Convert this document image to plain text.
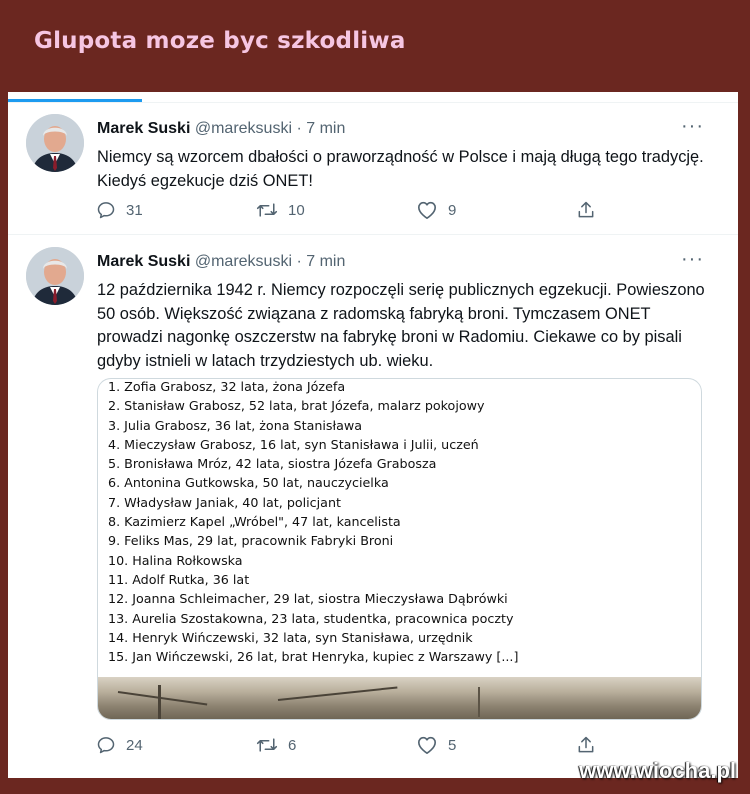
Glupota moze byc szkodliwa
Marek Suski @mareksuski · 7 min	···
Niemcy są wzorcem dbałości o praworządność w Polsce i mają długą tego tradycję. Kiedyś egzekucje dziś ONET!
31	10	9
Marek Suski @mareksuski · 7 min	···
12 października 1942 r. Niemcy rozpoczęli serię publicznych egzekucji. Powieszono 50 osób. Większość związana z radomską fabryką broni. Tymczasem ONET prowadzi nagonkę oszczerstw na fabrykę broni w Radomiu. Ciekawe co by pisali gdyby istnieli w latach trzydziestych ub. wieku.
1. Zofia Grabosz, 32 lata, żona Józefa
2. Stanisław Grabosz, 52 lata, brat Józefa, malarz pokojowy
3. Julia Grabosz, 36 lat, żona Stanisława
4. Mieczysław Grabosz, 16 lat, syn Stanisława i Julii, uczeń
5. Bronisława Mróz, 42 lata, siostra Józefa Grabosza
6. Antonina Gutkowska, 50 lat, nauczycielka
7. Władysław Janiak, 40 lat, policjant
8. Kazimierz Kapel „Wróbel", 47 lat, kancelista
9. Feliks Mas, 29 lat, pracownik Fabryki Broni
10. Halina Rołkowska
11. Adolf Rutka, 36 lat
12. Joanna Schleimacher, 29 lat, siostra Mieczysława Dąbrówki
13. Aurelia Szostakowna, 23 lata, studentka, pracownica poczty
14. Henryk Wińczewski, 32 lata, syn Stanisława, urzędnik
15. Jan Wińczewski, 26 lat, brat Henryka, kupiec z Warszawy [...]
24	6	5
www.wiocha.pl
